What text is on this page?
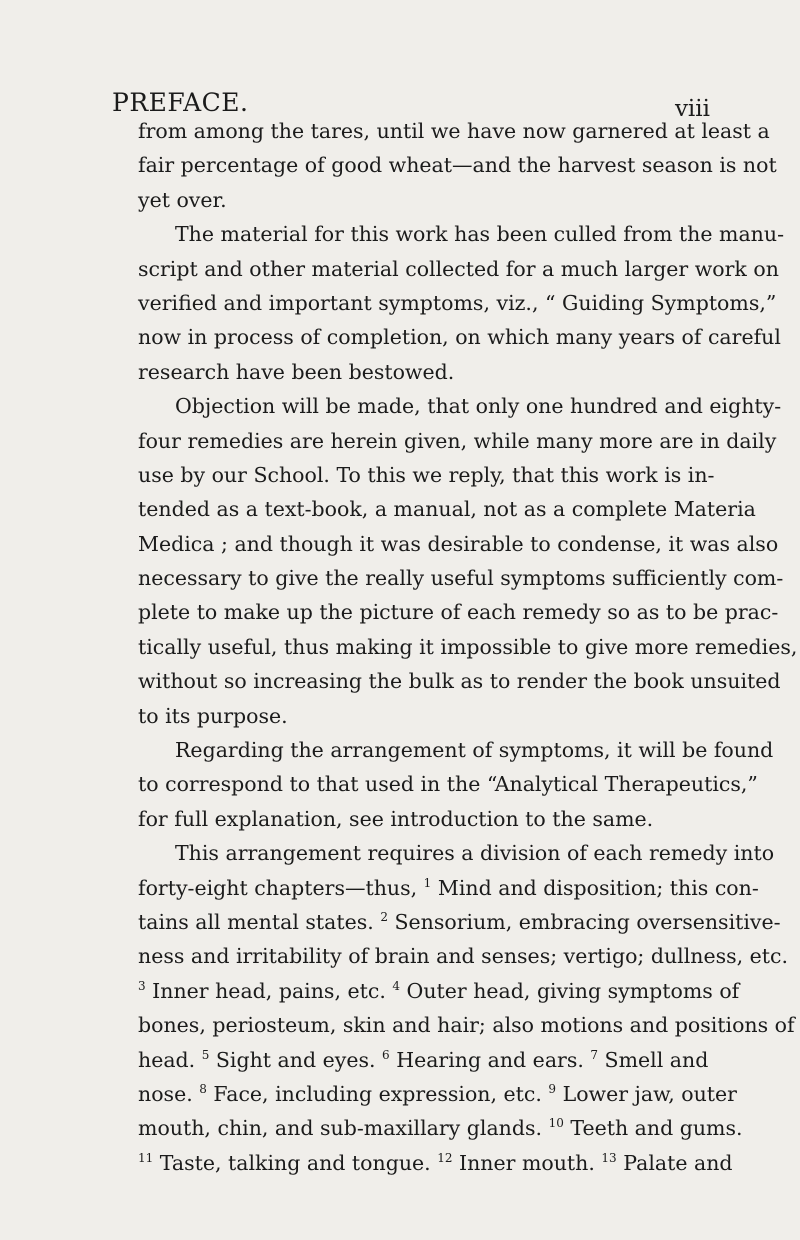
PREFACE.	viii
from among the tares, until we have now garnered at least a
fair percentage of good wheat—and the harvest season is not
yet over.
The material for this work has been culled from the manu-
script and other material collected for a much larger work on
verified and important symptoms, viz., “ Guiding Symptoms,”
now in process of completion, on which many years of careful
research have been bestowed.
Objection will be made, that only one hundred and eighty-
four remedies are herein given, while many more are in daily
use by our School. To this we reply, that this work is in-
tended as a text-book, a manual, not as a complete Materia
Medica ; and though it was desirable to condense, it was also
necessary to give the really useful symptoms sufficiently com-
plete to make up the picture of each remedy so as to be prac-
tically useful, thus making it impossible to give more remedies,
without so increasing the bulk as to render the book unsuited
to its purpose.
Regarding the arrangement of symptoms, it will be found
to correspond to that used in the “Analytical Therapeutics,”
for full explanation, see introduction to the same.
This arrangement requires a division of each remedy into
forty-eight chapters—thus, $^1$ Mind and disposition; this con-
tains all mental states. $^2$ Sensorium, embracing oversensitive-
ness and irritability of brain and senses; vertigo; dullness, etc.
$^3$ Inner head, pains, etc. $^4$ Outer head, giving symptoms of
bones, periosteum, skin and hair; also motions and positions of
head. $^5$ Sight and eyes. $^6$ Hearing and ears. $^7$ Smell and
nose. $^8$ Face, including expression, etc. $^9$ Lower jaw, outer
mouth, chin, and sub-maxillary glands. $^{10}$ Teeth and gums.
$^{11}$ Taste, talking and tongue. $^{12}$ Inner mouth. $^{13}$ Palate and
